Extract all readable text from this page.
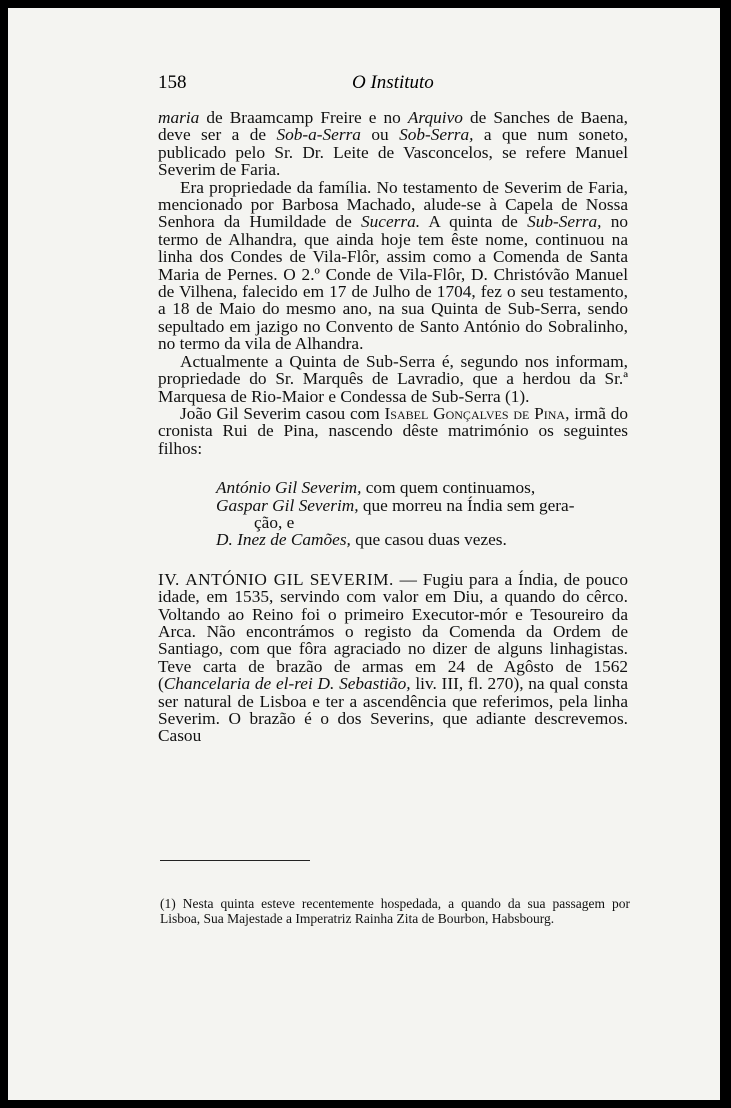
158	O Instituto

maria de Braamcamp Freire e no Arquivo de Sanches de Baena, deve ser a de Sob-a-Serra ou Sob-Serra, a que num soneto, publicado pelo Sr. Dr. Leite de Vasconcelos, se refere Manuel Severim de Faria.

Era propriedade da família. No testamento de Severim de Faria, mencionado por Barbosa Machado, alude-se à Capela de Nossa Senhora da Humildade de Sucerra. A quinta de Sub-Serra, no termo de Alhandra, que ainda hoje tem êste nome, continuou na linha dos Condes de Vila-Flôr, assim como a Comenda de Santa Maria de Pernes. O 2.º Conde de Vila-Flôr, D. Christóvão Manuel de Vilhena, falecido em 17 de Julho de 1704, fez o seu testamento, a 18 de Maio do mesmo ano, na sua Quinta de Sub-Serra, sendo sepultado em jazigo no Convento de Santo António do Sobralinho, no termo da vila de Alhandra.

Actualmente a Quinta de Sub-Serra é, segundo nos informam, propriedade do Sr. Marquês de Lavradio, que a herdou da Sr.ª Marquesa de Rio-Maior e Condessa de Sub-Serra (1).

João Gil Severim casou com Isabel Gonçalves de Pina, irmã do cronista Rui de Pina, nascendo dêste matrimónio os seguintes filhos:

António Gil Severim, com quem continuamos,
Gaspar Gil Severim, que morreu na Índia sem gera-
ção, e
D. Inez de Camões, que casou duas vezes.

IV. ANTÓNIO GIL SEVERIM. — Fugiu para a Índia, de pouco idade, em 1535, servindo com valor em Diu, a quando do cêrco. Voltando ao Reino foi o primeiro Executor-mór e Tesoureiro da Arca. Não encontrámos o registo da Comenda da Ordem de Santiago, com que fôra agraciado no dizer de alguns linhagistas. Teve carta de brazão de armas em 24 de Agôsto de 1562 (Chancelaria de el-rei D. Sebastião, liv. III, fl. 270), na qual consta ser natural de Lisboa e ter a ascendência que referimos, pela linha Severim. O brazão é o dos Severins, que adiante descrevemos. Casou

(1) Nesta quinta esteve recentemente hospedada, a quando da sua passagem por Lisboa, Sua Majestade a Imperatriz Rainha Zita de Bourbon, Habsbourg.
